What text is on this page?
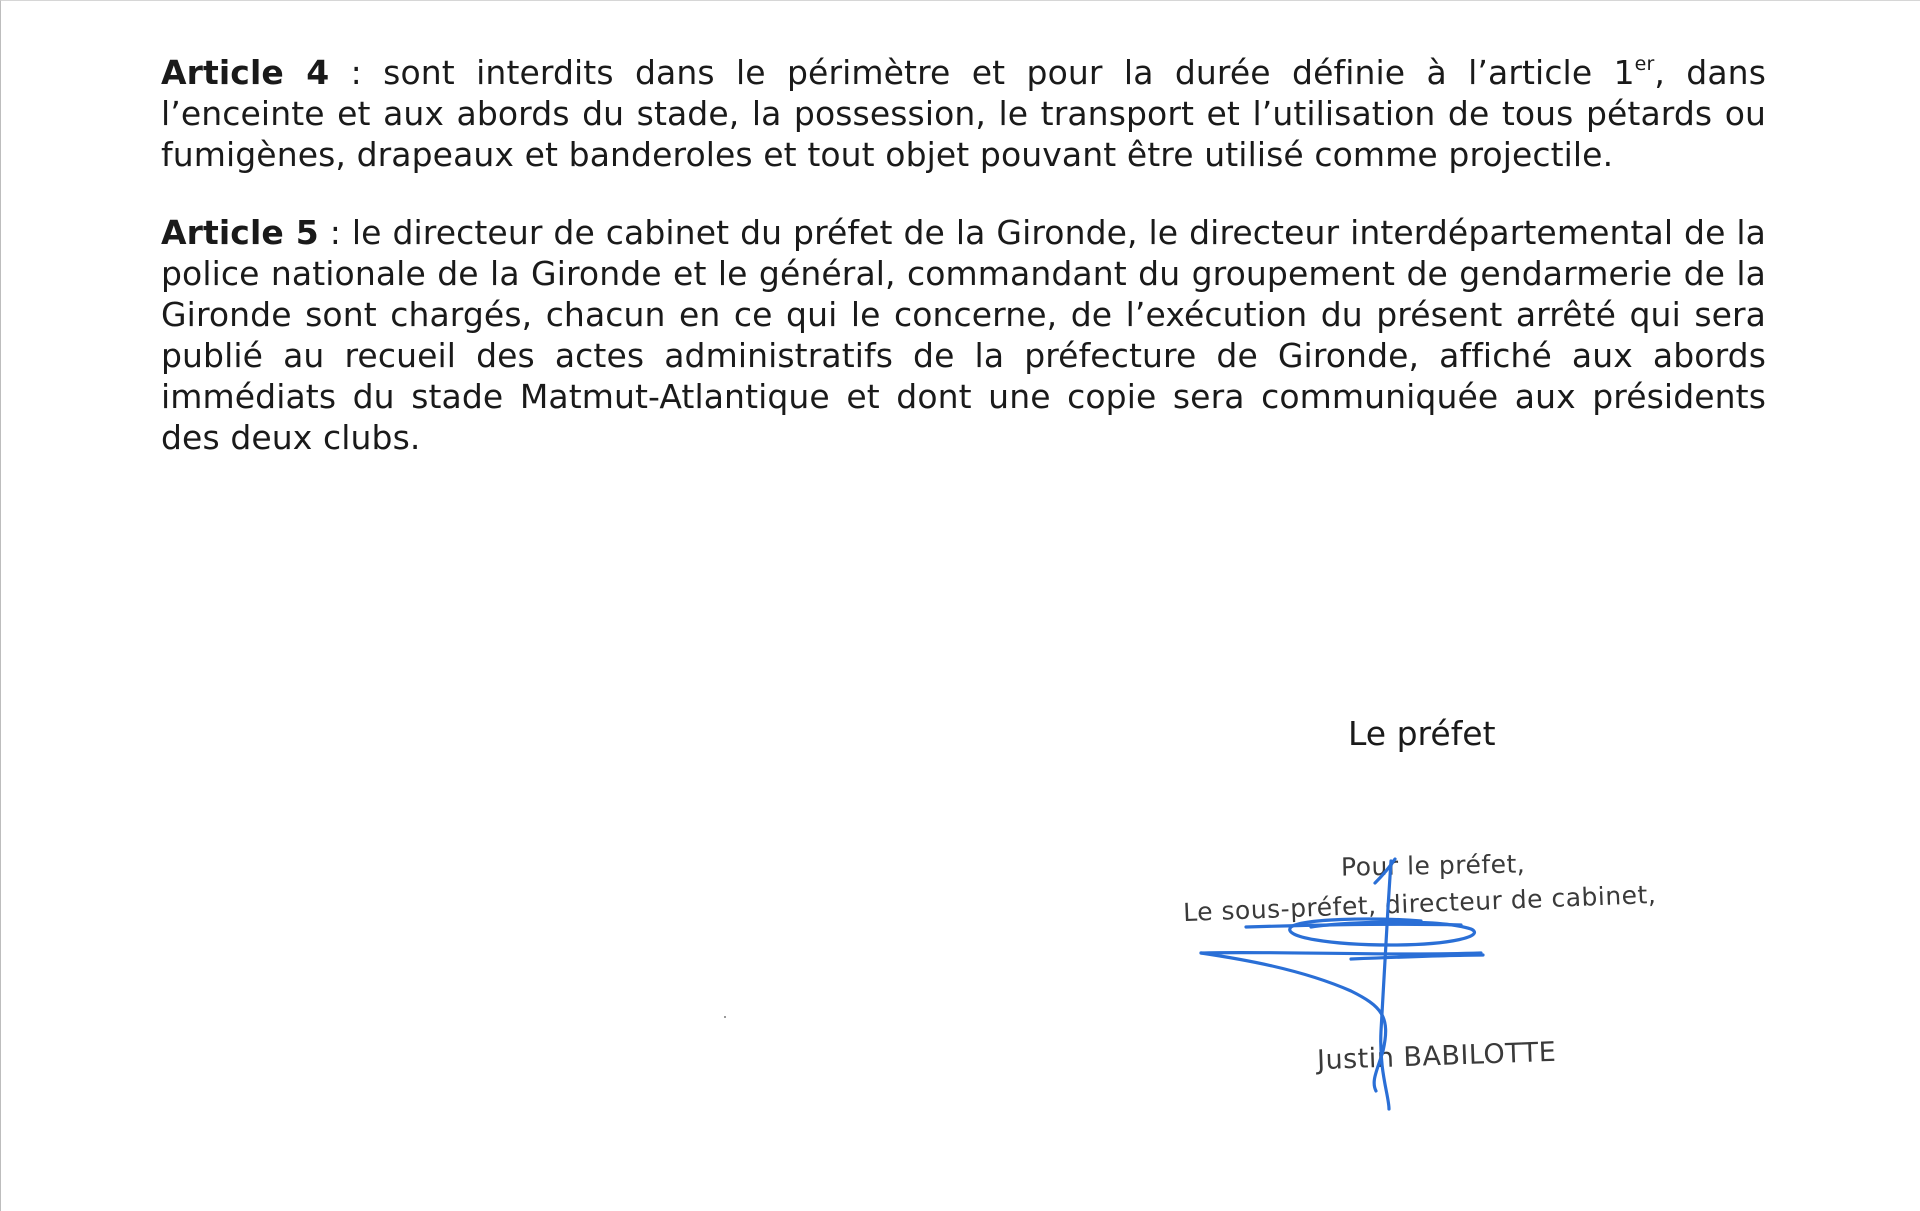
Article 4 : sont interdits dans le périmètre et pour la durée définie à l’article 1er, dans l’enceinte et aux abords du stade, la possession, le transport et l’utilisation de tous pétards ou fumigènes, drapeaux et banderoles et tout objet pouvant être utilisé comme projectile.

Article 5 : le directeur de cabinet du préfet de la Gironde, le directeur interdépartemental de la police nationale de la Gironde et le général, commandant du groupement de gendarmerie de la Gironde sont chargés, chacun en ce qui le concerne, de l’exécution du présent arrêté qui sera publié au recueil des actes administratifs de la préfecture de Gironde, affiché aux abords immédiats du stade Matmut-Atlantique et dont une copie sera communiquée aux présidents des deux clubs.

Le préfet
Pour le préfet,
Le sous-préfet, directeur de cabinet,
Justin BABILOTTE
